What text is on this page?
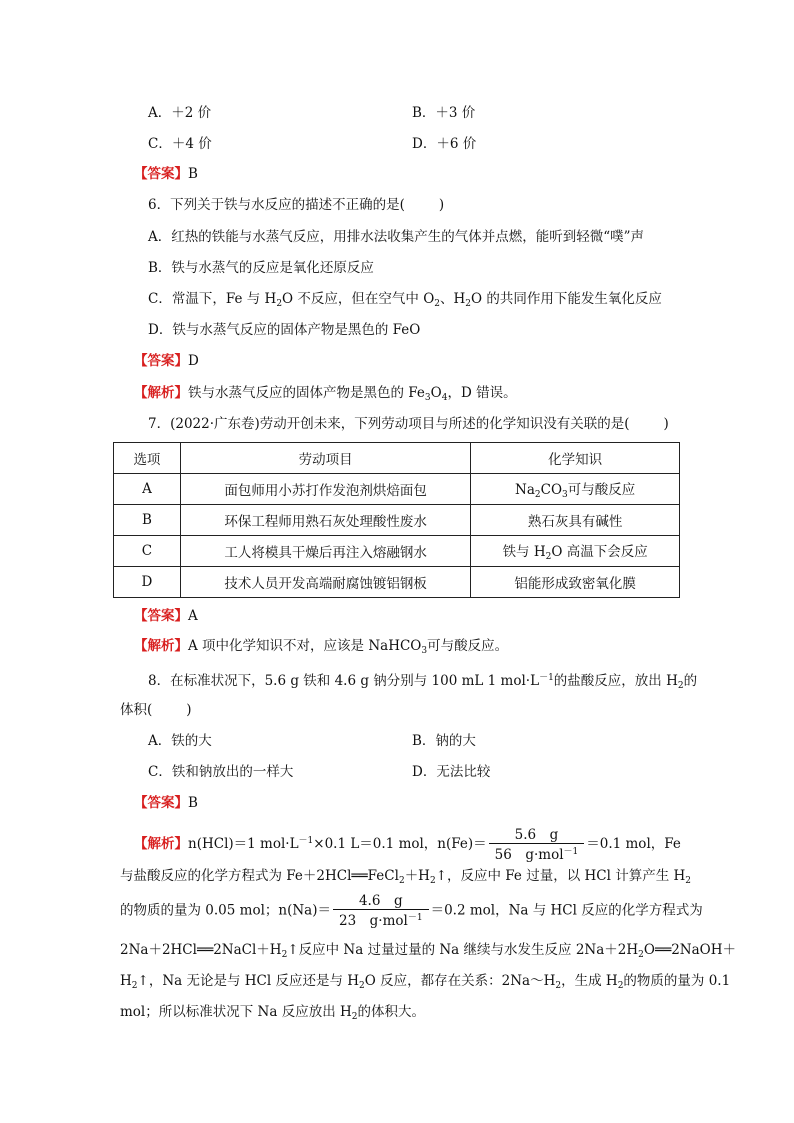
A．＋2 价	B．＋3 价
C．＋4 价	D．＋6 价
【答案】B
6．下列关于铁与水反应的描述不正确的是(	)
A．红热的铁能与水蒸气反应，用排水法收集产生的气体并点燃，能听到轻微“噗”声
B．铁与水蒸气的反应是氧化还原反应
C．常温下，Fe 与 $H_2O$ 不反应，但在空气中 $O_2$、$H_2O$ 的共同作用下能发生氧化反应
D．铁与水蒸气反应的固体产物是黑色的 FeO
【答案】D
【解析】铁与水蒸气反应的固体产物是黑色的 $Fe_3O_4$，D 错误。
7．(2022·广东卷)劳动开创未来，下列劳动项目与所述的化学知识没有关联的是(	)
选项	劳动项目	化学知识
A	面包师用小苏打作发泡剂烘焙面包	$Na_2CO_3$可与酸反应
B	环保工程师用熟石灰处理酸性废水	熟石灰具有碱性
C	工人将模具干燥后再注入熔融钢水	铁与 $H_2O$ 高温下会反应
D	技术人员开发高端耐腐蚀镀铝钢板	铝能形成致密氧化膜
【答案】A
【解析】A 项中化学知识不对，应该是 NaHCO$_3$可与酸反应。
8．在标准状况下，5.6 g 铁和 4.6 g 钠分别与 100 mL 1 $mol\cdot L^{-1}$的盐酸反应，放出 $H_2$的
体积(	)
A．铁的大	B．钠的大
C．铁和钠放出的一样大	D．无法比较
【答案】B
【解析】n(HCl)＝1 $mol\cdot L^{-1}\times 0.1$ L＝0.1 mol，$n(Fe)= \frac{5.6 g}{56 g\cdot mol^{-1}} =0.1$ mol，Fe
与盐酸反应的化学方程式为 $Fe+2HCl══FeCl_2+H_2↑$，反应中 Fe 过量，以 HCl 计算产生 $H_2$
的物质的量为 0.05 mol；$n(Na)= \frac{4.6 g}{23 g\cdot mol^{-1}} =0.2$ mol，Na 与 HCl 反应的化学方程式为
$2Na+2HCl══2NaCl+H_2↑$反应中 Na 过量过量的 Na 继续与水发生反应 $2Na+2H_2O══2NaOH+$
$H_2↑$，Na 无论是与 HCl 反应还是与 $H_2O$ 反应，都存在关系：$2Na\sim H_2$，生成 $H_2$的物质的量为 0.1
mol；所以标准状况下 Na 反应放出 $H_2$的体积大。
